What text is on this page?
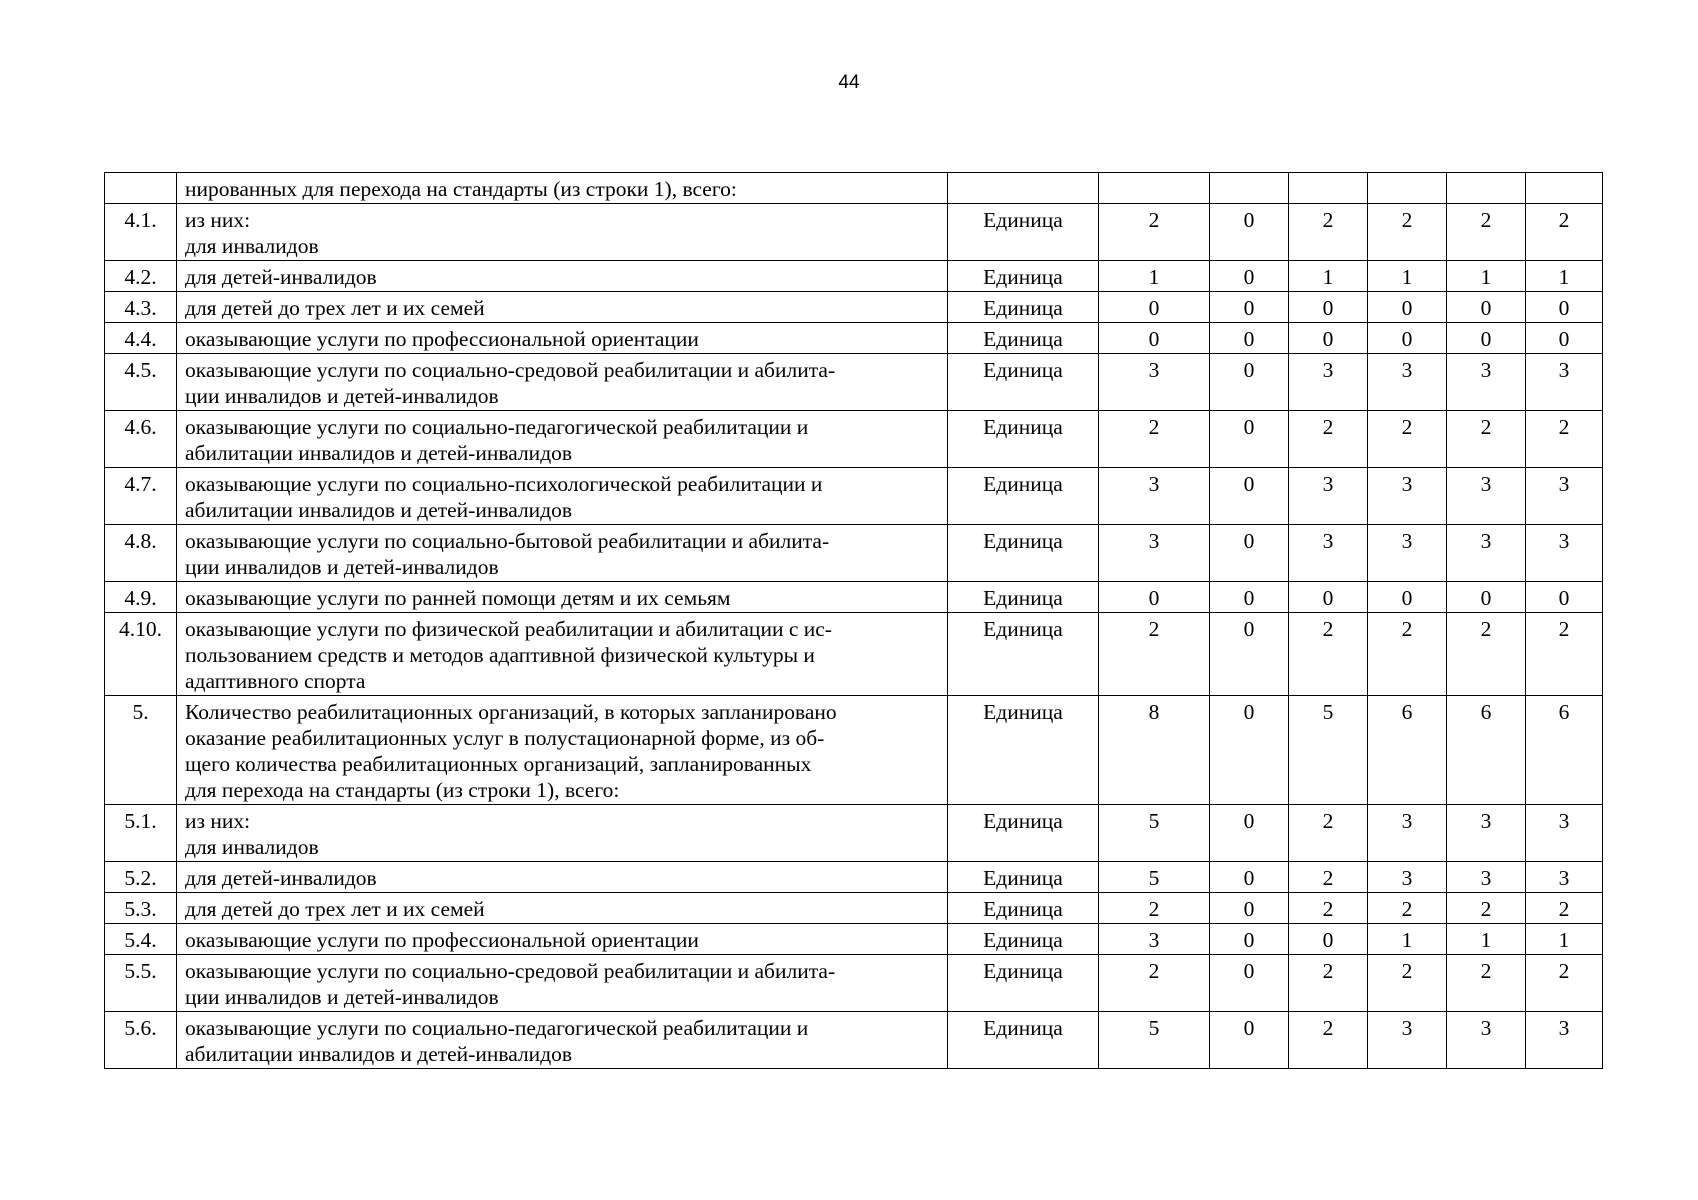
44

	нированных для перехода на стандарты (из строки 1), всего:							

4.1.	из них:
для инвалидов	Единица	2	0	2	2	2	2
4.2.	для детей-инвалидов	Единица	1	0	1	1	1	1
4.3.	для детей до трех лет и их семей	Единица	0	0	0	0	0	0
4.4.	оказывающие услуги по профессиональной ориентации	Единица	0	0	0	0	0	0
4.5.	оказывающие услуги по социально-средовой реабилитации и абилита-
ции инвалидов и детей-инвалидов	Единица	3	0	3	3	3	3
4.6.	оказывающие услуги по социально-педагогической реабилитации и
абилитации инвалидов и детей-инвалидов	Единица	2	0	2	2	2	2
4.7.	оказывающие услуги по социально-психологической реабилитации и
абилитации инвалидов и детей-инвалидов	Единица	3	0	3	3	3	3
4.8.	оказывающие услуги по социально-бытовой реабилитации и абилита-
ции инвалидов и детей-инвалидов	Единица	3	0	3	3	3	3
4.9.	оказывающие услуги по ранней помощи детям и их семьям	Единица	0	0	0	0	0	0
4.10.	оказывающие услуги по физической реабилитации и абилитации с ис-
пользованием средств и методов адаптивной физической культуры и
адаптивного спорта	Единица	2	0	2	2	2	2
5.	Количество реабилитационных организаций, в которых запланировано
оказание реабилитационных услуг в полустационарной форме, из об-
щего количества реабилитационных организаций, запланированных
для перехода на стандарты (из строки 1), всего:	Единица	8	0	5	6	6	6
5.1.	из них:
для инвалидов	Единица	5	0	2	3	3	3
5.2.	для детей-инвалидов	Единица	5	0	2	3	3	3
5.3.	для детей до трех лет и их семей	Единица	2	0	2	2	2	2
5.4.	оказывающие услуги по профессиональной ориентации	Единица	3	0	0	1	1	1
5.5.	оказывающие услуги по социально-средовой реабилитации и абилита-
ции инвалидов и детей-инвалидов	Единица	2	0	2	2	2	2
5.6.	оказывающие услуги по социально-педагогической реабилитации и
абилитации инвалидов и детей-инвалидов	Единица	5	0	2	3	3	3
